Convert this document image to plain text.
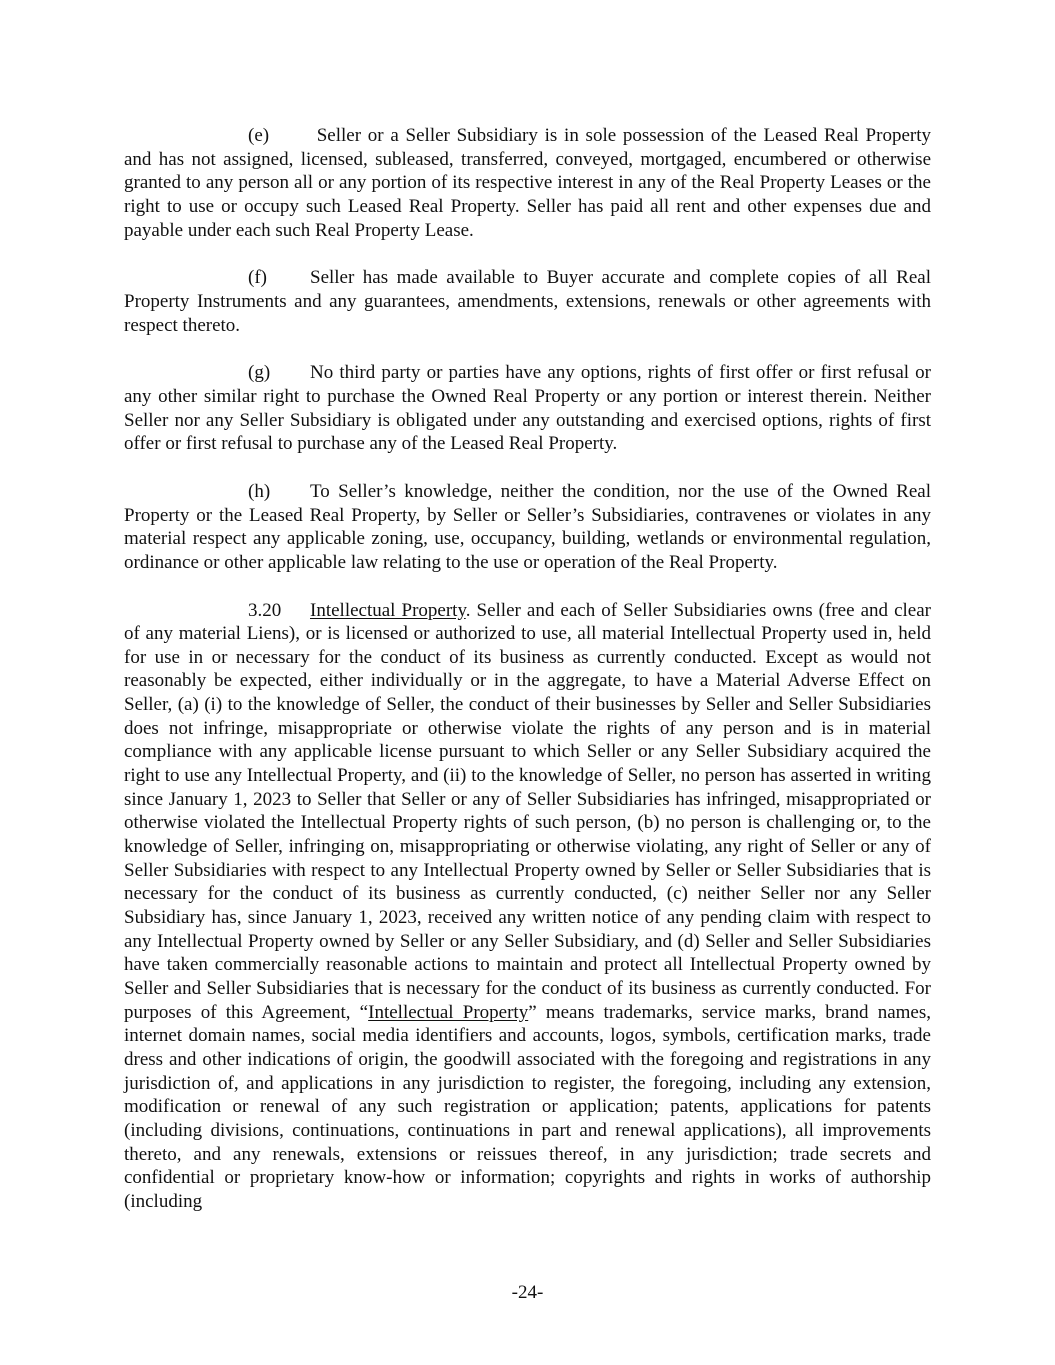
(e) Seller or a Seller Subsidiary is in sole possession of the Leased Real Property and has not assigned, licensed, subleased, transferred, conveyed, mortgaged, encumbered or otherwise granted to any person all or any portion of its respective interest in any of the Real Property Leases or the right to use or occupy such Leased Real Property. Seller has paid all rent and other expenses due and payable under each such Real Property Lease.

(f) Seller has made available to Buyer accurate and complete copies of all Real Property Instruments and any guarantees, amendments, extensions, renewals or other agreements with respect thereto.

(g) No third party or parties have any options, rights of first offer or first refusal or any other similar right to purchase the Owned Real Property or any portion or interest therein. Neither Seller nor any Seller Subsidiary is obligated under any outstanding and exercised options, rights of first offer or first refusal to purchase any of the Leased Real Property.

(h) To Seller’s knowledge, neither the condition, nor the use of the Owned Real Property or the Leased Real Property, by Seller or Seller’s Subsidiaries, contravenes or violates in any material respect any applicable zoning, use, occupancy, building, wetlands or environmental regulation, ordinance or other applicable law relating to the use or operation of the Real Property.

3.20 Intellectual Property. Seller and each of Seller Subsidiaries owns (free and clear of any material Liens), or is licensed or authorized to use, all material Intellectual Property used in, held for use in or necessary for the conduct of its business as currently conducted. Except as would not reasonably be expected, either individually or in the aggregate, to have a Material Adverse Effect on Seller, (a) (i) to the knowledge of Seller, the conduct of their businesses by Seller and Seller Subsidiaries does not infringe, misappropriate or otherwise violate the rights of any person and is in material compliance with any applicable license pursuant to which Seller or any Seller Subsidiary acquired the right to use any Intellectual Property, and (ii) to the knowledge of Seller, no person has asserted in writing since January 1, 2023 to Seller that Seller or any of Seller Subsidiaries has infringed, misappropriated or otherwise violated the Intellectual Property rights of such person, (b) no person is challenging or, to the knowledge of Seller, infringing on, misappropriating or otherwise violating, any right of Seller or any of Seller Subsidiaries with respect to any Intellectual Property owned by Seller or Seller Subsidiaries that is necessary for the conduct of its business as currently conducted, (c) neither Seller nor any Seller Subsidiary has, since January 1, 2023, received any written notice of any pending claim with respect to any Intellectual Property owned by Seller or any Seller Subsidiary, and (d) Seller and Seller Subsidiaries have taken commercially reasonable actions to maintain and protect all Intellectual Property owned by Seller and Seller Subsidiaries that is necessary for the conduct of its business as currently conducted. For purposes of this Agreement, “Intellectual Property” means trademarks, service marks, brand names, internet domain names, social media identifiers and accounts, logos, symbols, certification marks, trade dress and other indications of origin, the goodwill associated with the foregoing and registrations in any jurisdiction of, and applications in any jurisdiction to register, the foregoing, including any extension, modification or renewal of any such registration or application; patents, applications for patents (including divisions, continuations, continuations in part and renewal applications), all improvements thereto, and any renewals, extensions or reissues thereof, in any jurisdiction; trade secrets and confidential or proprietary know-how or information; copyrights and rights in works of authorship (including

-24-
